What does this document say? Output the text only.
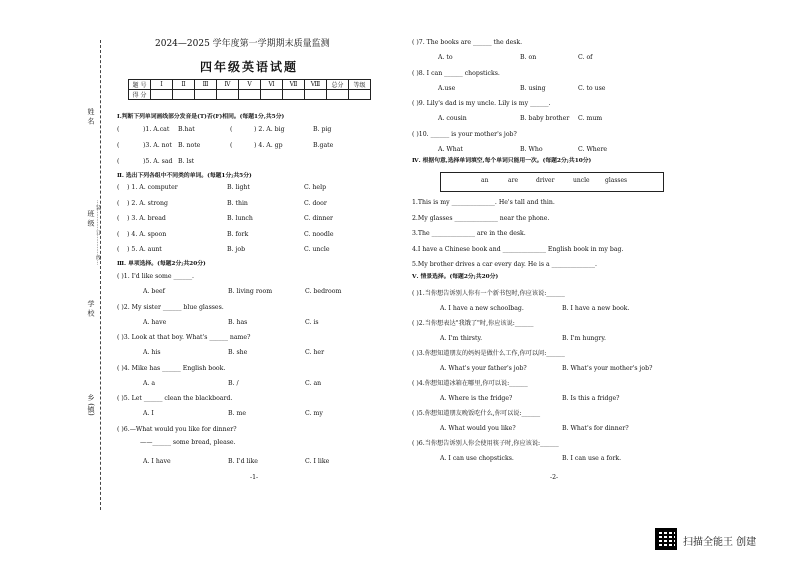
姓 名
班 级
学 校
乡 (镇)
…装…………订…………线…
2024—2025 学年度第一学期期末质量监测
四年级英语试题
题 号	Ⅰ	Ⅱ	Ⅲ	Ⅳ	Ⅴ	Ⅵ	Ⅶ	Ⅷ	总分	等级
得 分										
Ⅰ.判断下列单词画线部分发音是(T)否(F)相同。(每题1分,共5分)
(	)1. A.cat B.hat	(	) 2. A. big	B. pig
(	)3. A. not B. note	(	) 4. A. gp	B.gate
(	)5. A. sad B. lst
Ⅱ. 选出下列各组中不同类的单词。(每题1分;共5分)
( ) 1. A. computer	B. light	C. help
( ) 2. A. strong	B. thin	C. door
( ) 3. A. bread	B. lunch	C. dinner
( ) 4. A. spoon	B. fork	C. noodle
( ) 5. A. aunt	B. job	C. uncle
Ⅲ. 单项选择。(每题2分;共20分)
( )1. I'd like some ______.
A. beef	B. living room	C. bedroom
( )2. My sister ______ blue glasses.
A. have	B. has	C. is
( )3. Look at that boy. What's ______ name?
A. his	B. she	C. her
( )4. Mike has ______ English book.
A. a	B. /	C. an
( )5. Let ______ clean the blackboard.
A. I	B. me	C. my
( )6.—What would you like for dinner?
A. I have	B. I'd like	C. I like
——______ some bread, please.
-1-
( )7. The books are ______ the desk.
A. to	B. on	C. of
( )8. I can ______ chopsticks.
A.use	B. using	C. to use
( )9. Lily's dad is my uncle. Lily is my ______.
A. cousin	B. baby brother C. mum
( )10. ______ is your mother's job?
A. What	B. Who	C. Where
Ⅳ. 根据句意,选择单词填空,每个单词只能用一次。(每题2分;共10分)
an	are	driver	uncle	glasses
1.This is my ______________. He's tall and thin.
2.My glasses ______________ near the phone.
3.The ______________ are in the desk.
4.I have a Chinese book and ______________ English book in my bag.
5.My brother drives a car every day. He is a ______________.
Ⅴ. 情景选择。(每题2分;共20分)
( )1.当你想告诉别人你有一个新书包时,你应该说:______
A. I have a new schoolbag.	B. I have a new book.
( )2.当你想表达"我饿了"时,你应该说:______
A. I'm thirsty.	B. I'm hungry.
( )3.你想知道朋友的妈妈是做什么工作,你可以问:______
A. What's your father's job?	B. What's your mother's job?
( )4.你想知道冰箱在哪里,你可以说:______
A. Where is the fridge?	B. Is this a fridge?
( )5.你想知道朋友晚饭吃什么,你可以说:______
A. What would you like?	B. What's for dinner?
( )6.当你想告诉别人你会使用筷子时,你应该说:______
A. I can use chopsticks.	B. I can use a fork.
-2-
扫描全能王 创建
